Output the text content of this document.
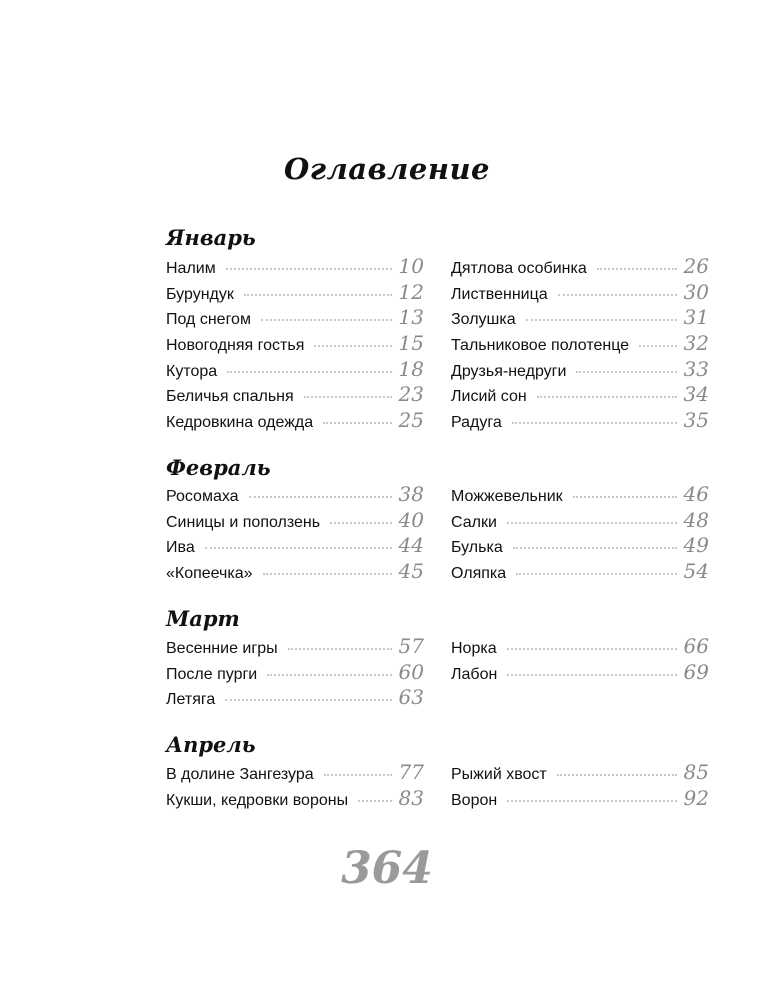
Оглавление
Январь
Налим	10
Бурундук	12
Под снегом	13
Новогодняя гостья	15
Кутора	18
Беличья спальня	23
Кедровкина одежда	25
Дятлова особинка	26
Лиственница	30
Золушка	31
Тальниковое полотенце	32
Друзья-недруги	33
Лисий сон	34
Радуга	35
Февраль
Росомаха	38
Синицы и поползень	40
Ива	44
«Копеечка»	45
Можжевельник	46
Салки	48
Булька	49
Оляпка	54
Март
Весенние игры	57
После пурги	60
Летяга	63
Норка	66
Лабон	69
Апрель
В долине Зангезура	77
Кукши, кедровки вороны	83
Рыжий хвост	85
Ворон	92
364
